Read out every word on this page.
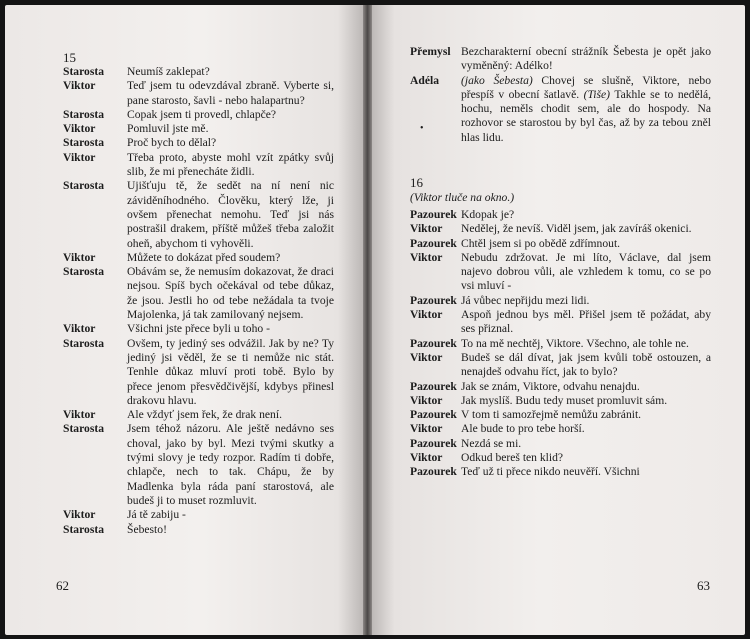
15
Starosta	Neumíš zaklepat?
Viktor	Teď jsem tu odevzdával zbraně. Vyberte si, pane starosto, šavli - nebo halapartnu?
Starosta	Copak jsem ti provedl, chlapče?
Viktor	Pomluvil jste mě.
Starosta	Proč bych to dělal?
Viktor	Třeba proto, abyste mohl vzít zpátky svůj slib, že mi přenecháte židli.
Starosta	Ujišťuju tě, že sedět na ní není nic záviděníhodného. Člověku, který lže, ji ovšem přenechat nemohu. Teď jsi nás postrašil drakem, příště můžeš třeba založit oheň, abychom ti vyhověli.
Viktor	Můžete to dokázat před soudem?
Starosta	Obávám se, že nemusím dokazovat, že draci nejsou. Spíš bych očekával od tebe důkaz, že jsou. Jestli ho od tebe nežádala ta tvoje Majolenka, já tak zamilovaný nejsem.
Viktor	Všichni jste přece byli u toho -
Starosta	Ovšem, ty jediný ses odvážil. Jak by ne? Ty jediný jsi věděl, že se ti nemůže nic stát. Tenhle důkaz mluví proti tobě. Bylo by přece jenom přesvědčivější, kdybys přinesl drakovu hlavu.
Viktor	Ale vždyť jsem řek, že drak není.
Starosta	Jsem téhož názoru. Ale ještě nedávno ses choval, jako by byl. Mezi tvými skutky a tvými slovy je tedy rozpor. Radím ti dobře, chlapče, nech to tak. Chápu, že by Madlenka byla ráda paní starostová, ale budeš ji to muset rozmluvit.
Viktor	Já tě zabiju -
Starosta	Šebesto!
62
•
Přemysl Bezcharakterní obecní strážník Šebesta je opět jako vyměněný: Adélko!
Adéla	(jako Šebesta) Chovej se slušně, Viktore, nebo přespíš v obecní šatlavě. (Tiše) Takhle se to nedělá, hochu, neměls chodit sem, ale do hospody. Na rozhovor se starostou by byl čas, až by za tebou zněl hlas lidu.
16
(Viktor tluče na okno.)
Pazourek Kdopak je?
Viktor	Nedělej, že nevíš. Viděl jsem, jak zavíráš okenici.
Pazourek Chtěl jsem si po obědě zdřímnout.
Viktor	Nebudu zdržovat. Je mi líto, Václave, dal jsem najevo dobrou vůli, ale vzhledem k tomu, co se po vsi mluví -
Pazourek Já vůbec nepřijdu mezi lidi.
Viktor	Aspoň jednou bys měl. Přišel jsem tě požádat, aby ses přiznal.
Pazourek To na mě nechtěj, Viktore. Všechno, ale tohle ne.
Viktor	Budeš se dál dívat, jak jsem kvůli tobě ostouzen, a nenajdeš odvahu říct, jak to bylo?
Pazourek Jak se znám, Viktore, odvahu nenajdu.
Viktor	Jak myslíš. Budu tedy muset promluvit sám.
Pazourek V tom ti samozřejmě nemůžu zabránit.
Viktor	Ale bude to pro tebe horší.
Pazourek Nezdá se mi.
Viktor	Odkud bereš ten klid?
Pazourek Teď už ti přece nikdo neuvěří. Všichni
63
